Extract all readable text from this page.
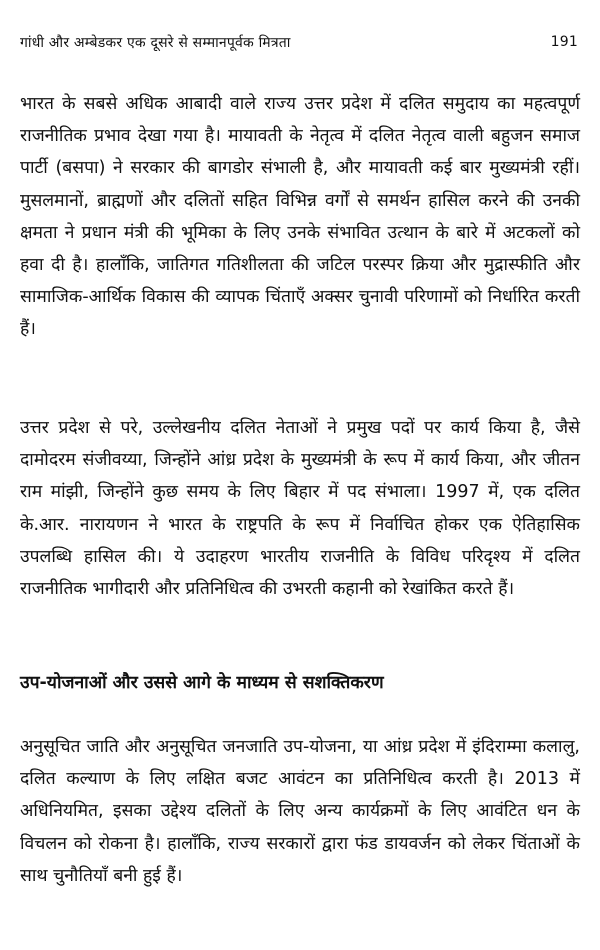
गांधी और अम्बेडकर एक दूसरे से सम्मानपूर्वक मित्रता	191

भारत के सबसे अधिक आबादी वाले राज्य उत्तर प्रदेश में दलित समुदाय का महत्वपूर्ण राजनीतिक प्रभाव देखा गया है। मायावती के नेतृत्व में दलित नेतृत्व वाली बहुजन समाज पार्टी (बसपा) ने सरकार की बागडोर संभाली है, और मायावती कई बार मुख्यमंत्री रहीं। मुसलमानों, ब्राह्मणों और दलितों सहित विभिन्न वर्गों से समर्थन हासिल करने की उनकी क्षमता ने प्रधान मंत्री की भूमिका के लिए उनके संभावित उत्थान के बारे में अटकलों को हवा दी है। हालाँकि, जातिगत गतिशीलता की जटिल परस्पर क्रिया और मुद्रास्फीति और सामाजिक-आर्थिक विकास की व्यापक चिंताएँ अक्सर चुनावी परिणामों को निर्धारित करती हैं।

उत्तर प्रदेश से परे, उल्लेखनीय दलित नेताओं ने प्रमुख पदों पर कार्य किया है, जैसे दामोदरम संजीवय्या, जिन्होंने आंध्र प्रदेश के मुख्यमंत्री के रूप में कार्य किया, और जीतन राम मांझी, जिन्होंने कुछ समय के लिए बिहार में पद संभाला। 1997 में, एक दलित के.आर. नारायणन ने भारत के राष्ट्रपति के रूप में निर्वाचित होकर एक ऐतिहासिक उपलब्धि हासिल की। ये उदाहरण भारतीय राजनीति के विविध परिदृश्य में दलित राजनीतिक भागीदारी और प्रतिनिधित्व की उभरती कहानी को रेखांकित करते हैं।

उप-योजनाओं और उससे आगे के माध्यम से सशक्तिकरण

अनुसूचित जाति और अनुसूचित जनजाति उप-योजना, या आंध्र प्रदेश में इंदिराम्मा कलालु, दलित कल्याण के लिए लक्षित बजट आवंटन का प्रतिनिधित्व करती है। 2013 में अधिनियमित, इसका उद्देश्य दलितों के लिए अन्य कार्यक्रमों के लिए आवंटित धन के विचलन को रोकना है। हालाँकि, राज्य सरकारों द्वारा फंड डायवर्जन को लेकर चिंताओं के साथ चुनौतियाँ बनी हुई हैं।
